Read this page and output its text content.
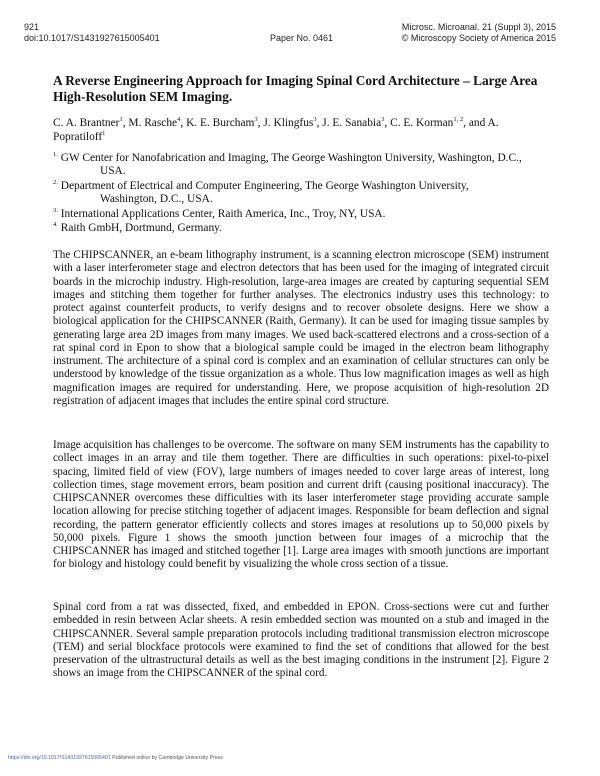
921
doi:10.1017/S1431927615005401	Paper No. 0461
Microsc. Microanal. 21 (Suppl 3), 2015
© Microscopy Society of America 2015
A Reverse Engineering Approach for Imaging Spinal Cord Architecture – Large Area High-Resolution SEM Imaging.
C. A. Brantner$^1$, M. Rasche$^4$, K. E. Burcham$^3$, J. Klingfus$^3$, J. E. Sanabia$^3$, C. E. Korman$^{1, 2}$, and A. Popratiloff$^1$

$^{1.}$ GW Center for Nanofabrication and Imaging, The George Washington University, Washington, D.C.,
USA.

$^{2.}$ Department of Electrical and Computer Engineering, The George Washington University,
Washington, D.C., USA.

$^{3.}$ International Applications Center, Raith America, Inc., Troy, NY, USA.

$^{4.}$ Raith GmbH, Dortmund, Germany.

The CHIPSCANNER, an e-beam lithography instrument, is a scanning electron microscope (SEM) instrument with a laser interferometer stage and electron detectors that has been used for the imaging of integrated circuit boards in the microchip industry. High-resolution, large-area images are created by capturing sequential SEM images and stitching them together for further analyses. The electronics industry uses this technology: to protect against counterfeit products, to verify designs and to recover obsolete designs. Here we show a biological application for the CHIPSCANNER (Raith, Germany). It can be used for imaging tissue samples by generating large area 2D images from many images. We used back-scattered electrons and a cross-section of a rat spinal cord in Epon to show that a biological sample could be imaged in the electron beam lithography instrument. The architecture of a spinal cord is complex and an examination of cellular structures can only be understood by knowledge of the tissue organization as a whole. Thus low magnification images as well as high magnification images are required for understanding. Here, we propose acquisition of high-resolution 2D registration of adjacent images that includes the entire spinal cord structure.

Image acquisition has challenges to be overcome. The software on many SEM instruments has the capability to collect images in an array and tile them together. There are difficulties in such operations: pixel-to-pixel spacing, limited field of view (FOV), large numbers of images needed to cover large areas of interest, long collection times, stage movement errors, beam position and current drift (causing positional inaccuracy). The CHIPSCANNER overcomes these difficulties with its laser interferometer stage providing accurate sample location allowing for precise stitching together of adjacent images. Responsible for beam deflection and signal recording, the pattern generator efficiently collects and stores images at resolutions up to 50,000 pixels by 50,000 pixels. Figure 1 shows the smooth junction between four images of a microchip that the CHIPSCANNER has imaged and stitched together [1]. Large area images with smooth junctions are important for biology and histology could benefit by visualizing the whole cross section of a tissue.

Spinal cord from a rat was dissected, fixed, and embedded in EPON. Cross-sections were cut and further embedded in resin between Aclar sheets. A resin embedded section was mounted on a stub and imaged in the CHIPSCANNER. Several sample preparation protocols including traditional transmission electron microscope (TEM) and serial blockface protocols were examined to find the set of conditions that allowed for the best preservation of the ultrastructural details as well as the best imaging conditions in the instrument [2]. Figure 2 shows an image from the CHIPSCANNER of the spinal cord.

https://doi.org/10.1017/S1431927615005401 Published online by Cambridge University Press
